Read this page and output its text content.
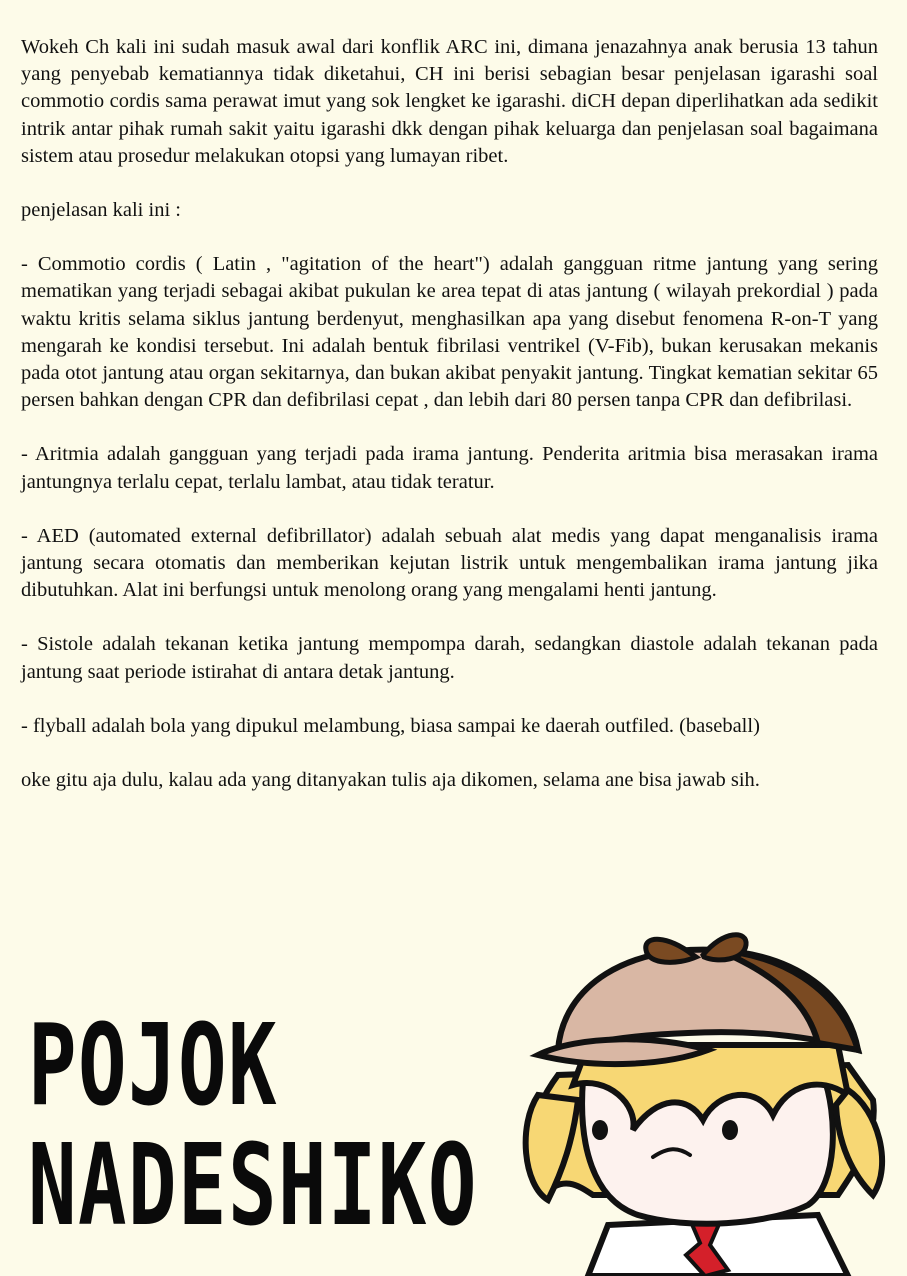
Wokeh Ch kali ini sudah masuk awal dari konflik ARC ini, dimana jenazahnya anak berusia 13 tahun yang penyebab kematiannya tidak diketahui, CH ini berisi sebagian besar penjelasan igarashi soal commotio cordis sama perawat imut yang sok lengket ke igarashi. diCH depan diperlihatkan ada sedikit intrik antar pihak rumah sakit yaitu igarashi dkk dengan pihak keluarga dan penjelasan soal bagaimana sistem atau prosedur melakukan otopsi yang lumayan ribet.

penjelasan kali ini :

- Commotio cordis ( Latin , "agitation of the heart") adalah gangguan ritme jantung yang sering mematikan yang terjadi sebagai akibat pukulan ke area tepat di atas jantung ( wilayah prekordial ) pada waktu kritis selama siklus jantung berdenyut, menghasilkan apa yang disebut fenomena R-on-T yang mengarah ke kondisi tersebut. Ini adalah bentuk fibrilasi ventrikel (V-Fib), bukan kerusakan mekanis pada otot jantung atau organ sekitarnya, dan bukan akibat penyakit jantung. Tingkat kematian sekitar 65 persen bahkan dengan CPR dan defibrilasi cepat , dan lebih dari 80 persen tanpa CPR dan defibrilasi.

- Aritmia adalah gangguan yang terjadi pada irama jantung. Penderita aritmia bisa merasakan irama jantungnya terlalu cepat, terlalu lambat, atau tidak teratur.

- AED (automated external defibrillator) adalah sebuah alat medis yang dapat menganalisis irama jantung secara otomatis dan memberikan kejutan listrik untuk mengembalikan irama jantung jika dibutuhkan. Alat ini berfungsi untuk menolong orang yang mengalami henti jantung.

- Sistole adalah tekanan ketika jantung mempompa darah, sedangkan diastole adalah tekanan pada jantung saat periode istirahat di antara detak jantung.

- flyball adalah bola yang dipukul melambung, biasa sampai ke daerah outfiled. (baseball)

oke gitu aja dulu, kalau ada yang ditanyakan tulis aja dikomen, selama ane bisa jawab sih.

POJOK
NADESHIKO
